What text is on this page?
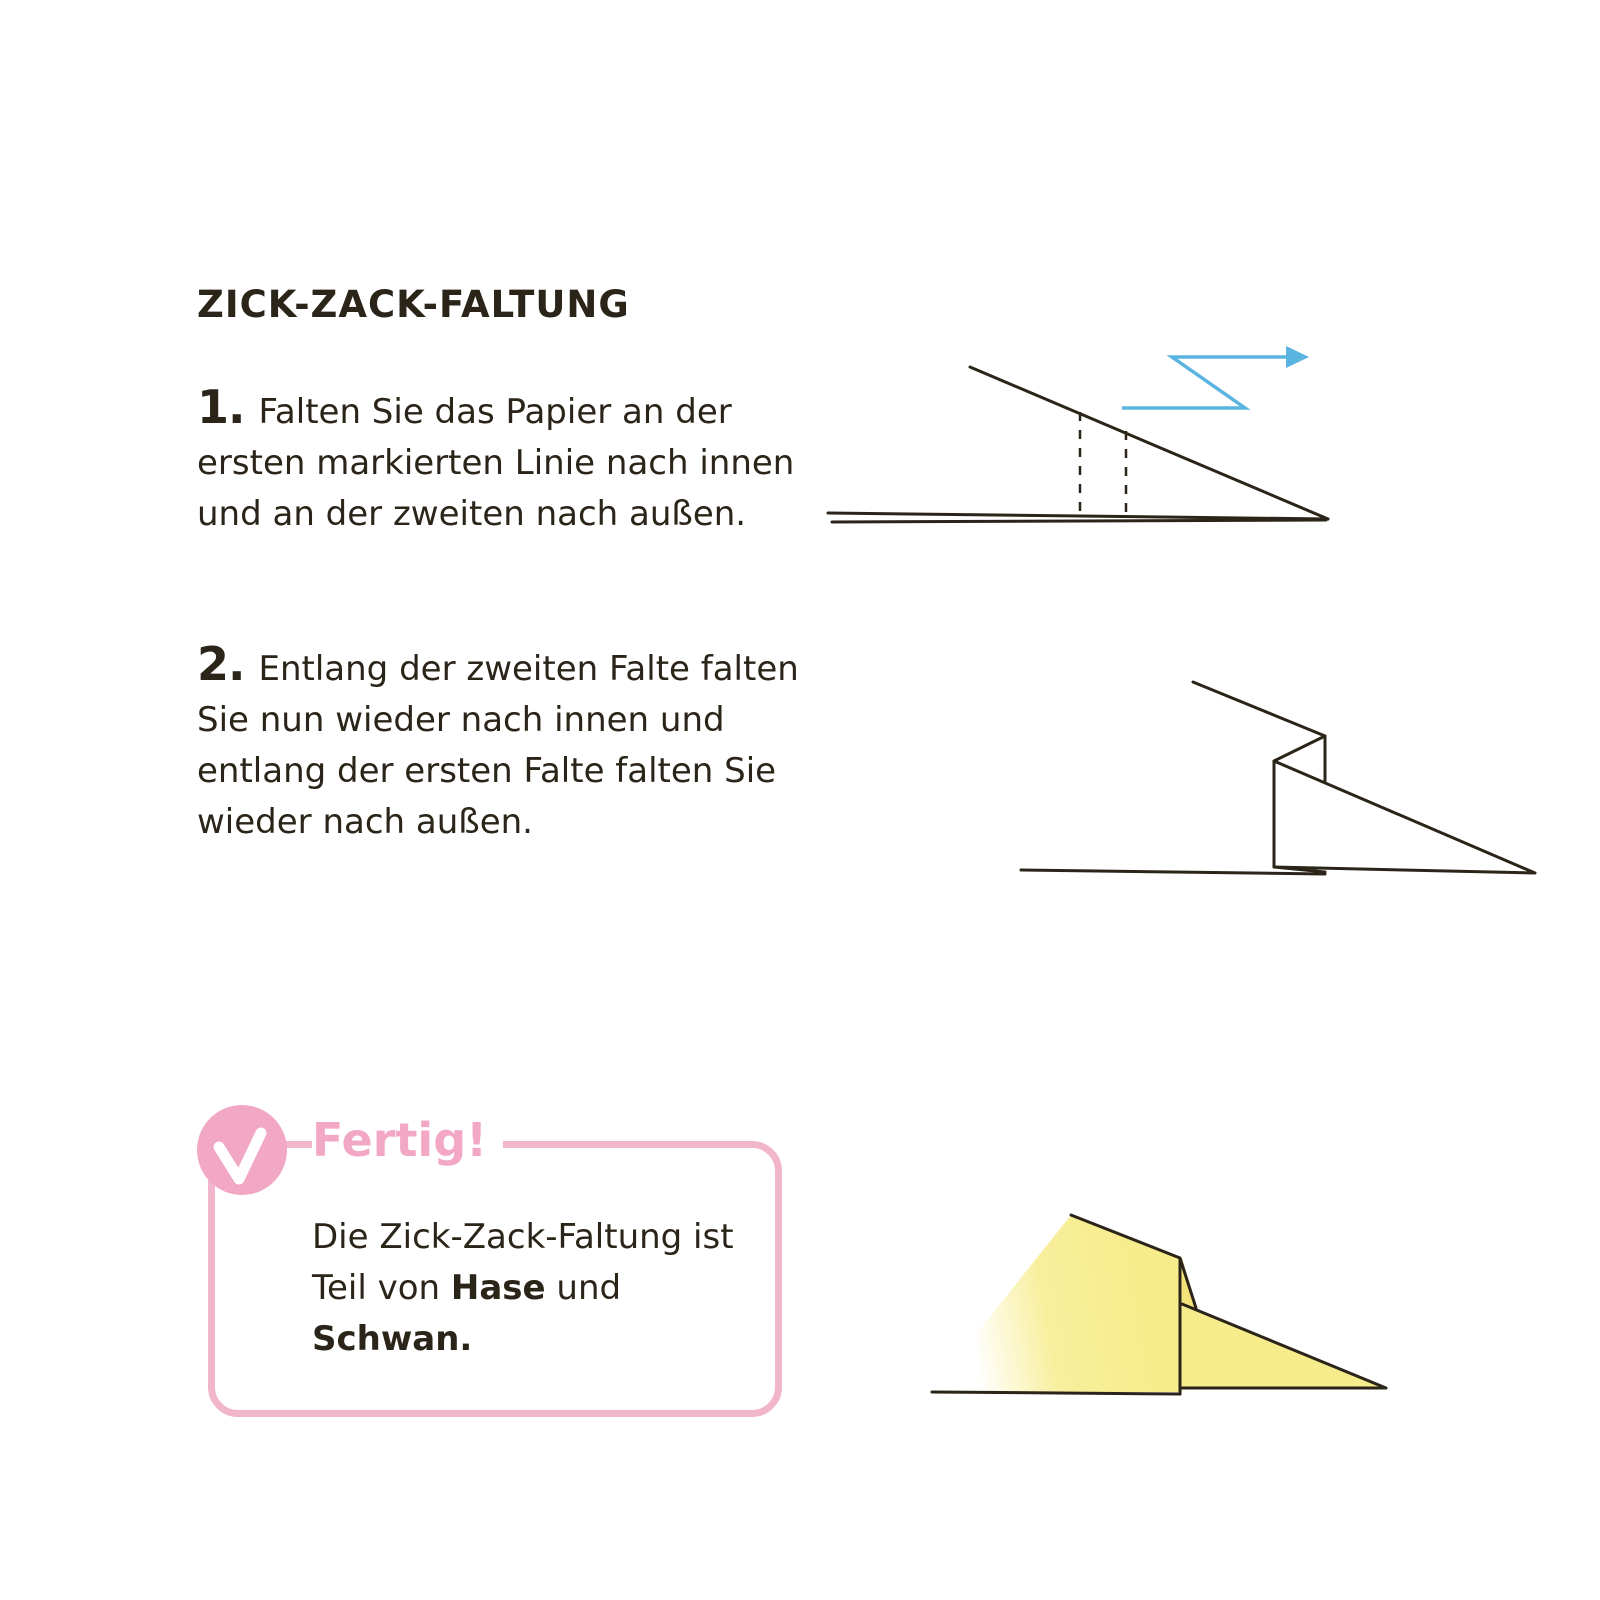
ZICK-ZACK-FALTUNG

1. Falten Sie das Papier an der ersten markierten Linie nach innen und an der zweiten nach außen.

2. Entlang der zweiten Falte falten Sie nun wieder nach innen und entlang der ersten Falte falten Sie wieder nach außen.

Fertig!

Die Zick-Zack-Faltung ist Teil von Hase und Schwan.
